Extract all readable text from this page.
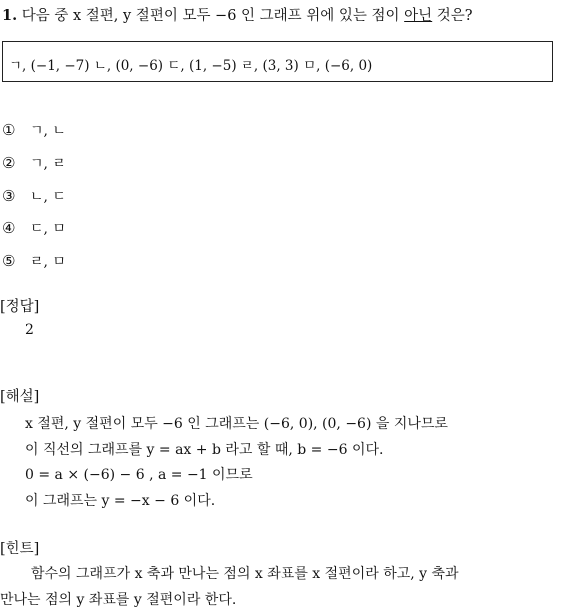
1. 다음 중 x 절편, y 절편이 모두 −6 인 그래프 위에 있는 점이 아닌 것은?
ㄱ, (−1, −7) ㄴ, (0, −6) ㄷ, (1, −5) ㄹ, (3, 3) ㅁ, (−6, 0)
① ㄱ, ㄴ
② ㄱ, ㄹ
③ ㄴ, ㄷ
④ ㄷ, ㅁ
⑤ ㄹ, ㅁ
[정답]
2
[해설]
x 절편, y 절편이 모두 −6 인 그래프는 (−6, 0), (0, −6) 을 지나므로
이 직선의 그래프를 y = ax + b 라고 할 때, b = −6 이다.
0 = a × (−6) − 6 , a = −1 이므로
이 그래프는 y = −x − 6 이다.
[힌트]
함수의 그래프가 x 축과 만나는 점의 x 좌표를 x 절편이라 하고, y 축과
만나는 점의 y 좌표를 y 절편이라 한다.
